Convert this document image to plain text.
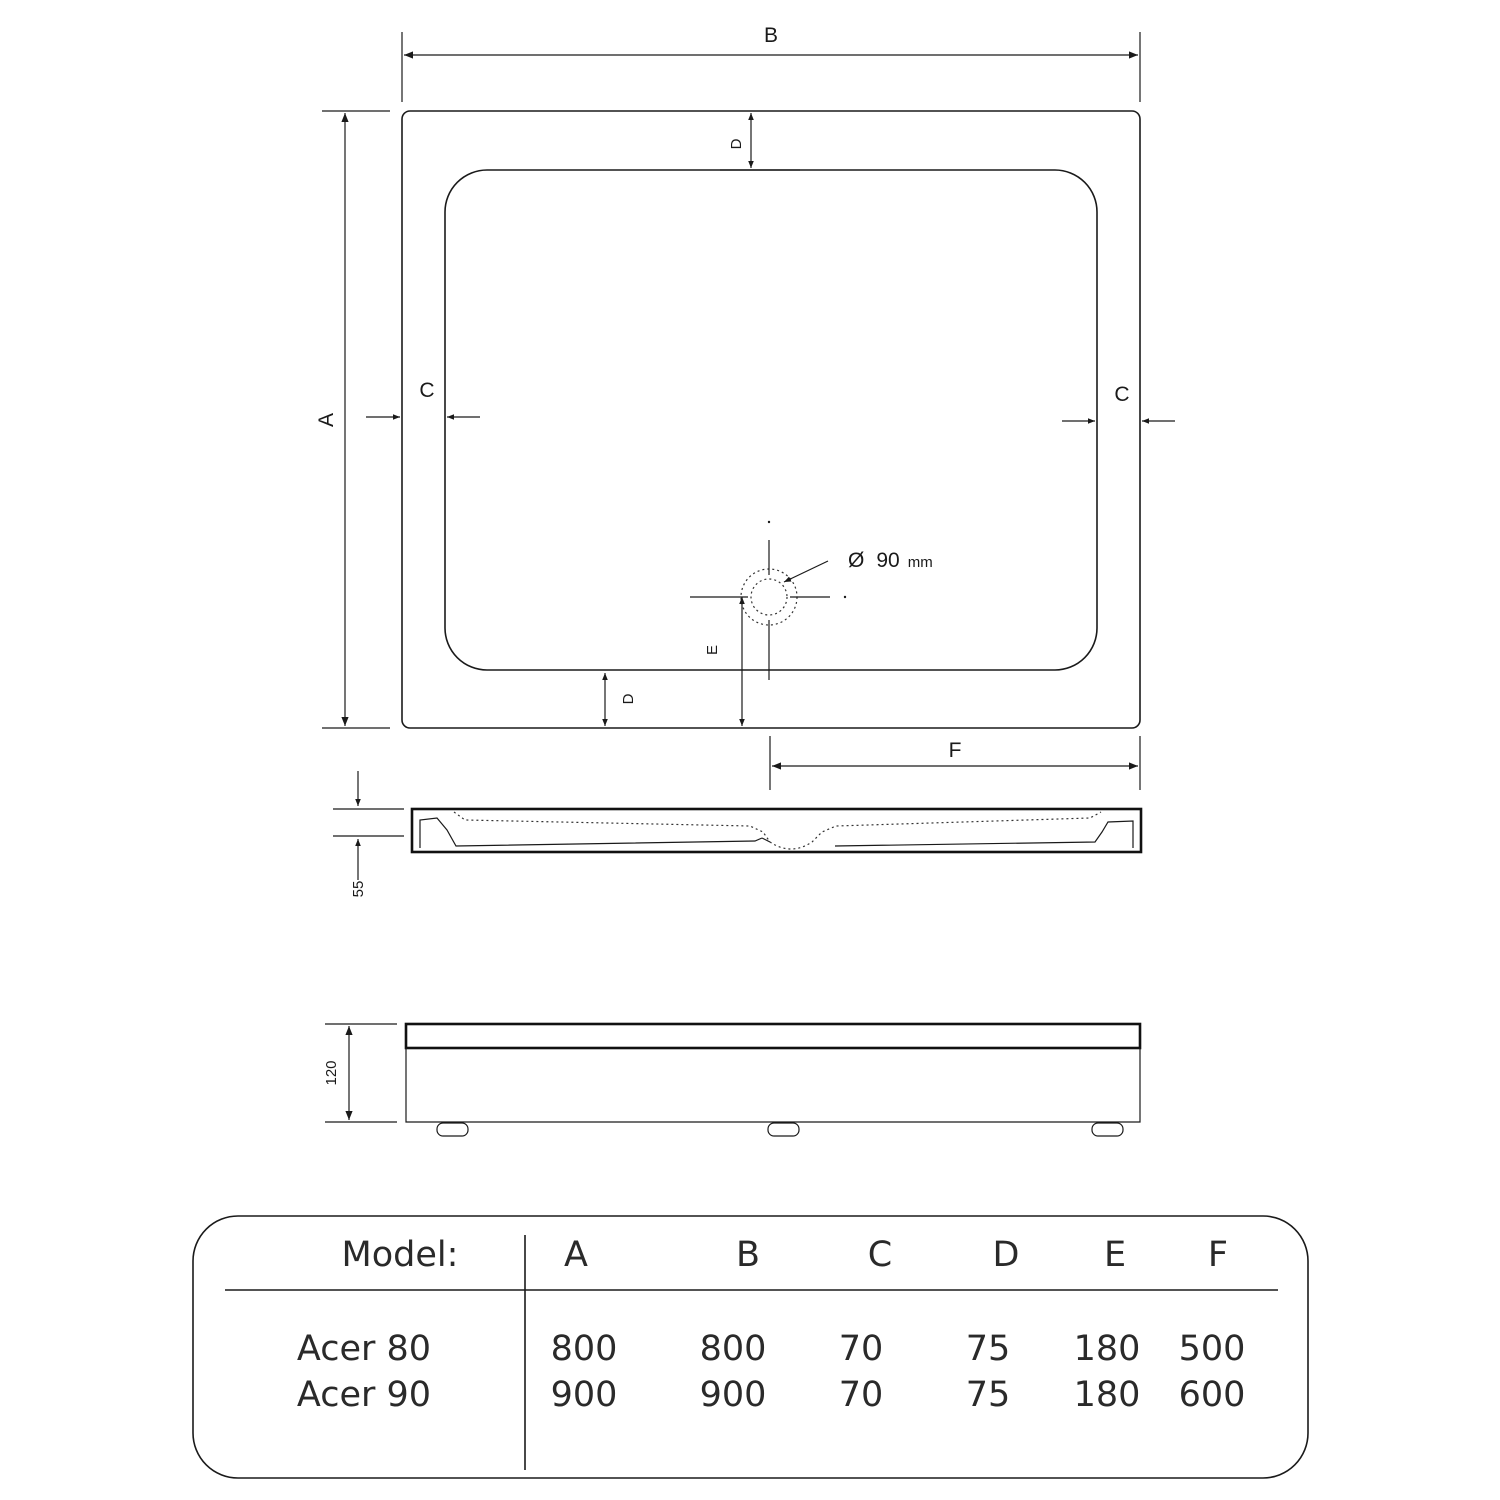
B
A
D
C	C
Ø 90 mm
E
D
F
55
120
Model:	A	B	C	D E F
Acer 80	800 800 70 75 180 500
Acer 90	900 900 70 75 180 600
